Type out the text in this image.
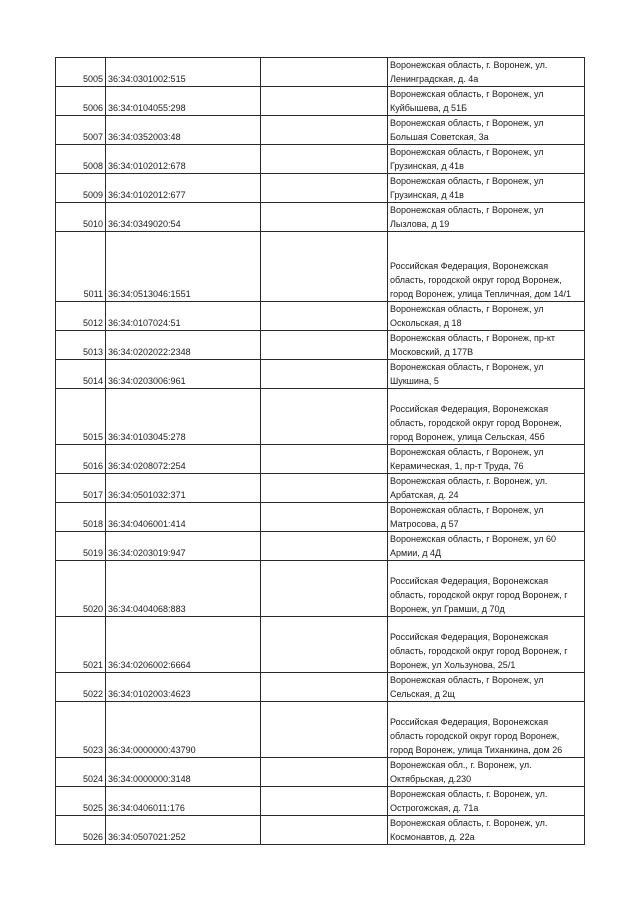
5005	36:34:0301002:515		Воронежская область, г. Воронеж, ул. Ленинградская, д. 4а
5006	36:34:0104055:298		Воронежская область, г Воронеж, ул Куйбышева, д 51Б
5007	36:34:0352003:48		Воронежская область, г Воронеж, ул Большая Советская, 3а
5008	36:34:0102012:678		Воронежская область, г Воронеж, ул Грузинская, д 41в
5009	36:34:0102012:677		Воронежская область, г Воронеж, ул Грузинская, д 41в
5010	36:34:0349020:54		Воронежская область, г Воронеж, ул Лызлова, д 19
5011	36:34:0513046:1551		Российская Федерация, Воронежская область, городской округ город Воронеж, город Воронеж, улица Тепличная, дом 14/1
5012	36:34:0107024:51		Воронежская область, г Воронеж, ул Оскольская, д 18
5013	36:34:0202022:2348		Воронежская область, г Воронеж, пр-кт Московский, д 177В
5014	36:34:0203006:961		Воронежская область, г Воронеж, ул Шукшина, 5
5015	36:34:0103045:278		Российская Федерация, Воронежская область, городской округ город Воронеж, город Воронеж, улица Сельская, 45б
5016	36:34:0208072:254		Воронежская область, г Воронеж, ул Керамическая, 1, пр-т Труда, 76
5017	36:34:0501032:371		Воронежская область, г. Воронеж, ул. Арбатская, д. 24
5018	36:34:0406001:414		Воронежская область, г Воронеж, ул Матросова, д 57
5019	36:34:0203019:947		Воронежская область, г Воронеж, ул 60 Армии, д 4Д
5020	36:34:0404068:883		Российская Федерация, Воронежская область, городской округ город Воронеж, г Воронеж, ул Грамши, д 70д
5021	36:34:0206002:6664		Российская Федерация, Воронежская область, городской округ город Воронеж, г Воронеж, ул Хользунова, 25/1
5022	36:34:0102003:4623		Воронежская область, г Воронеж, ул Сельская, д 2щ
5023	36:34:0000000:43790		Российская Федерация, Воронежская область городской округ город Воронеж, город Воронеж, улица Тиханкина, дом 26
5024	36:34:0000000:3148		Воронежская обл., г. Воронеж, ул. Октябрьская, д.230
5025	36:34:0406011:176		Воронежская область, г. Воронеж, ул. Острогожская, д. 71а
5026	36:34:0507021:252		Воронежская область, г. Воронеж, ул. Космонавтов, д. 22а
